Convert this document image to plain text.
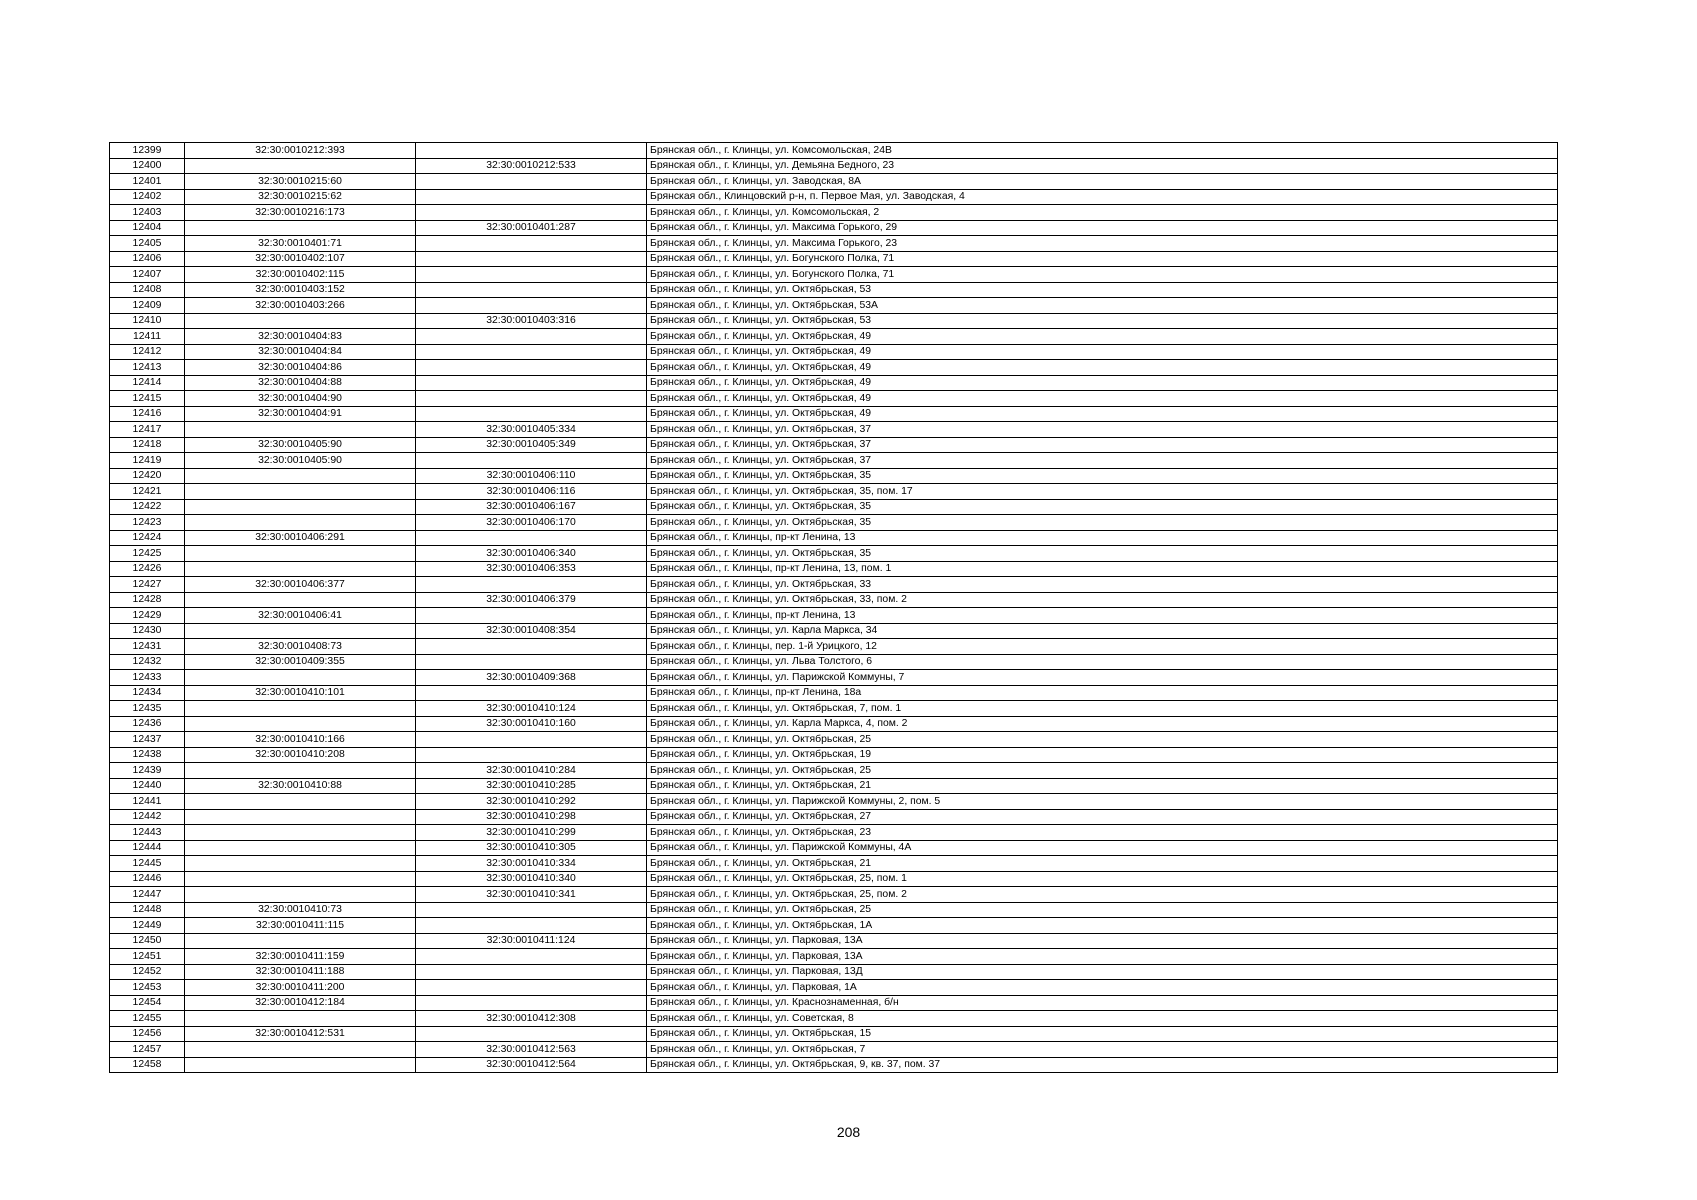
12399	32:30:0010212:393		Брянская обл., г. Клинцы, ул. Комсомольская, 24В
12400		32:30:0010212:533	Брянская обл., г. Клинцы, ул. Демьяна Бедного, 23
12401	32:30:0010215:60		Брянская обл., г. Клинцы, ул. Заводская, 8А
12402	32:30:0010215:62		Брянская обл., Клинцовский р-н, п. Первое Мая, ул. Заводская, 4
12403	32:30:0010216:173		Брянская обл., г. Клинцы, ул. Комсомольская, 2
12404		32:30:0010401:287	Брянская обл., г. Клинцы, ул. Максима Горького, 29
12405	32:30:0010401:71		Брянская обл., г. Клинцы, ул. Максима Горького, 23
12406	32:30:0010402:107		Брянская обл., г. Клинцы, ул. Богунского Полка, 71
12407	32:30:0010402:115		Брянская обл., г. Клинцы, ул. Богунского Полка, 71
12408	32:30:0010403:152		Брянская обл., г. Клинцы, ул. Октябрьская, 53
12409	32:30:0010403:266		Брянская обл., г. Клинцы, ул. Октябрьская, 53А
12410		32:30:0010403:316	Брянская обл., г. Клинцы, ул. Октябрьская, 53
12411	32:30:0010404:83		Брянская обл., г. Клинцы, ул. Октябрьская, 49
12412	32:30:0010404:84		Брянская обл., г. Клинцы, ул. Октябрьская, 49
12413	32:30:0010404:86		Брянская обл., г. Клинцы, ул. Октябрьская, 49
12414	32:30:0010404:88		Брянская обл., г. Клинцы, ул. Октябрьская, 49
12415	32:30:0010404:90		Брянская обл., г. Клинцы, ул. Октябрьская, 49
12416	32:30:0010404:91		Брянская обл., г. Клинцы, ул. Октябрьская, 49
12417		32:30:0010405:334	Брянская обл., г. Клинцы, ул. Октябрьская, 37
12418	32:30:0010405:90	32:30:0010405:349	Брянская обл., г. Клинцы, ул. Октябрьская, 37
12419	32:30:0010405:90		Брянская обл., г. Клинцы, ул. Октябрьская, 37
12420		32:30:0010406:110	Брянская обл., г. Клинцы, ул. Октябрьская, 35
12421		32:30:0010406:116	Брянская обл., г. Клинцы, ул. Октябрьская, 35, пом. 17
12422		32:30:0010406:167	Брянская обл., г. Клинцы, ул. Октябрьская, 35
12423		32:30:0010406:170	Брянская обл., г. Клинцы, ул. Октябрьская, 35
12424	32:30:0010406:291		Брянская обл., г. Клинцы, пр-кт Ленина, 13
12425		32:30:0010406:340	Брянская обл., г. Клинцы, ул. Октябрьская, 35
12426		32:30:0010406:353	Брянская обл., г. Клинцы, пр-кт Ленина, 13, пом. 1
12427	32:30:0010406:377		Брянская обл., г. Клинцы, ул. Октябрьская, 33
12428		32:30:0010406:379	Брянская обл., г. Клинцы, ул. Октябрьская, 33, пом. 2
12429	32:30:0010406:41		Брянская обл., г. Клинцы, пр-кт Ленина, 13
12430		32:30:0010408:354	Брянская обл., г. Клинцы, ул. Карла Маркса, 34
12431	32:30:0010408:73		Брянская обл., г. Клинцы, пер. 1-й Урицкого, 12
12432	32:30:0010409:355		Брянская обл., г. Клинцы, ул. Льва Толстого, 6
12433		32:30:0010409:368	Брянская обл., г. Клинцы, ул. Парижской Коммуны, 7
12434	32:30:0010410:101		Брянская обл., г. Клинцы, пр-кт Ленина, 18а
12435		32:30:0010410:124	Брянская обл., г. Клинцы, ул. Октябрьская, 7, пом. 1
12436		32:30:0010410:160	Брянская обл., г. Клинцы, ул. Карла Маркса, 4, пом. 2
12437	32:30:0010410:166		Брянская обл., г. Клинцы, ул. Октябрьская, 25
12438	32:30:0010410:208		Брянская обл., г. Клинцы, ул. Октябрьская, 19
12439		32:30:0010410:284	Брянская обл., г. Клинцы, ул. Октябрьская, 25
12440	32:30:0010410:88	32:30:0010410:285	Брянская обл., г. Клинцы, ул. Октябрьская, 21
12441		32:30:0010410:292	Брянская обл., г. Клинцы, ул. Парижской Коммуны, 2, пом. 5
12442		32:30:0010410:298	Брянская обл., г. Клинцы, ул. Октябрьская, 27
12443		32:30:0010410:299	Брянская обл., г. Клинцы, ул. Октябрьская, 23
12444		32:30:0010410:305	Брянская обл., г. Клинцы, ул. Парижской Коммуны, 4А
12445		32:30:0010410:334	Брянская обл., г. Клинцы, ул. Октябрьская, 21
12446		32:30:0010410:340	Брянская обл., г. Клинцы, ул. Октябрьская, 25, пом. 1
12447		32:30:0010410:341	Брянская обл., г. Клинцы, ул. Октябрьская, 25, пом. 2
12448	32:30:0010410:73		Брянская обл., г. Клинцы, ул. Октябрьская, 25
12449	32:30:0010411:115		Брянская обл., г. Клинцы, ул. Октябрьская, 1А
12450		32:30:0010411:124	Брянская обл., г. Клинцы, ул. Парковая, 13А
12451	32:30:0010411:159		Брянская обл., г. Клинцы, ул. Парковая, 13А
12452	32:30:0010411:188		Брянская обл., г. Клинцы, ул. Парковая, 13Д
12453	32:30:0010411:200		Брянская обл., г. Клинцы, ул. Парковая, 1А
12454	32:30:0010412:184		Брянская обл., г. Клинцы, ул. Краснознаменная, б/н
12455		32:30:0010412:308	Брянская обл., г. Клинцы, ул. Советская, 8
12456	32:30:0010412:531		Брянская обл., г. Клинцы, ул. Октябрьская, 15
12457		32:30:0010412:563	Брянская обл., г. Клинцы, ул. Октябрьская, 7
12458		32:30:0010412:564	Брянская обл., г. Клинцы, ул. Октябрьская, 9, кв. 37, пом. 37
208
